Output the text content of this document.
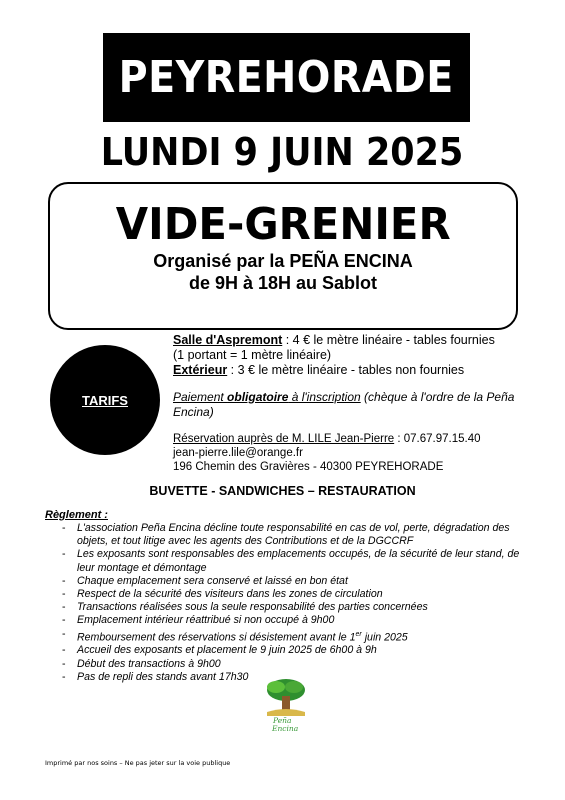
PEYREHORADE
LUNDI 9 JUIN 2025
VIDE-GRENIER
Organisé par la PEÑA ENCINA
de 9H à 18H au Sablot
TARIFS
Salle d'Aspremont : 4 € le mètre linéaire - tables fournies
(1 portant = 1 mètre linéaire)
Extérieur : 3 € le mètre linéaire - tables non fournies
Paiement obligatoire à l'inscription (chèque à l'ordre de la Peña Encina)
Réservation auprès de M. LILE Jean-Pierre : 07.67.97.15.40
jean-pierre.lile@orange.fr
196 Chemin des Gravières - 40300 PEYREHORADE
BUVETTE - SANDWICHES – RESTAURATION
Règlement :
- L'association Peña Encina décline toute responsabilité en cas de vol, perte, dégradation des objets, et tout litige avec les agents des Contributions et de la DGCCRF
- Les exposants sont responsables des emplacements occupés, de la sécurité de leur stand, de leur montage et démontage
- Chaque emplacement sera conservé et laissé en bon état
- Respect de la sécurité des visiteurs dans les zones de circulation
- Transactions réalisées sous la seule responsabilité des parties concernées
- Emplacement intérieur réattribué si non occupé à 9h00
- Remboursement des réservations si désistement avant le 1er juin 2025
- Accueil des exposants et placement le 9 juin 2025 de 6h00 à 9h
- Début des transactions à 9h00
- Pas de repli des stands avant 17h30
Peña
Encina
Imprimé par nos soins – Ne pas jeter sur la voie publique
